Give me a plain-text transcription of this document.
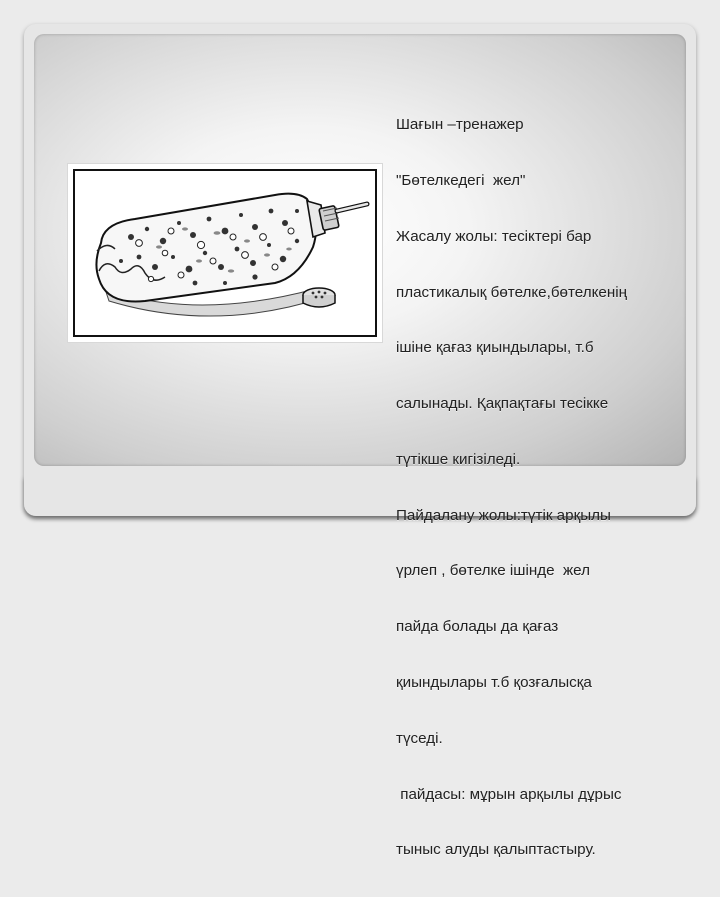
Шағын –тренажер

"Бөтелкедегі  жел"

Жасалу жолы: тесіктері бар

пластикалық бөтелке,бөтелкенің

ішіне қағаз қиындылары, т.б

салынады. Қақпақтағы тесікке

түтікше кигізіледі.

Пайдалану жолы:түтік арқылы

үрлеп , бөтелке ішінде  жел

пайда болады да қағаз

қиындылары т.б қозғалысқа

түседі.

пайдасы: мұрын арқылы дұрыс

тыныс алуды қалыптастыру.
